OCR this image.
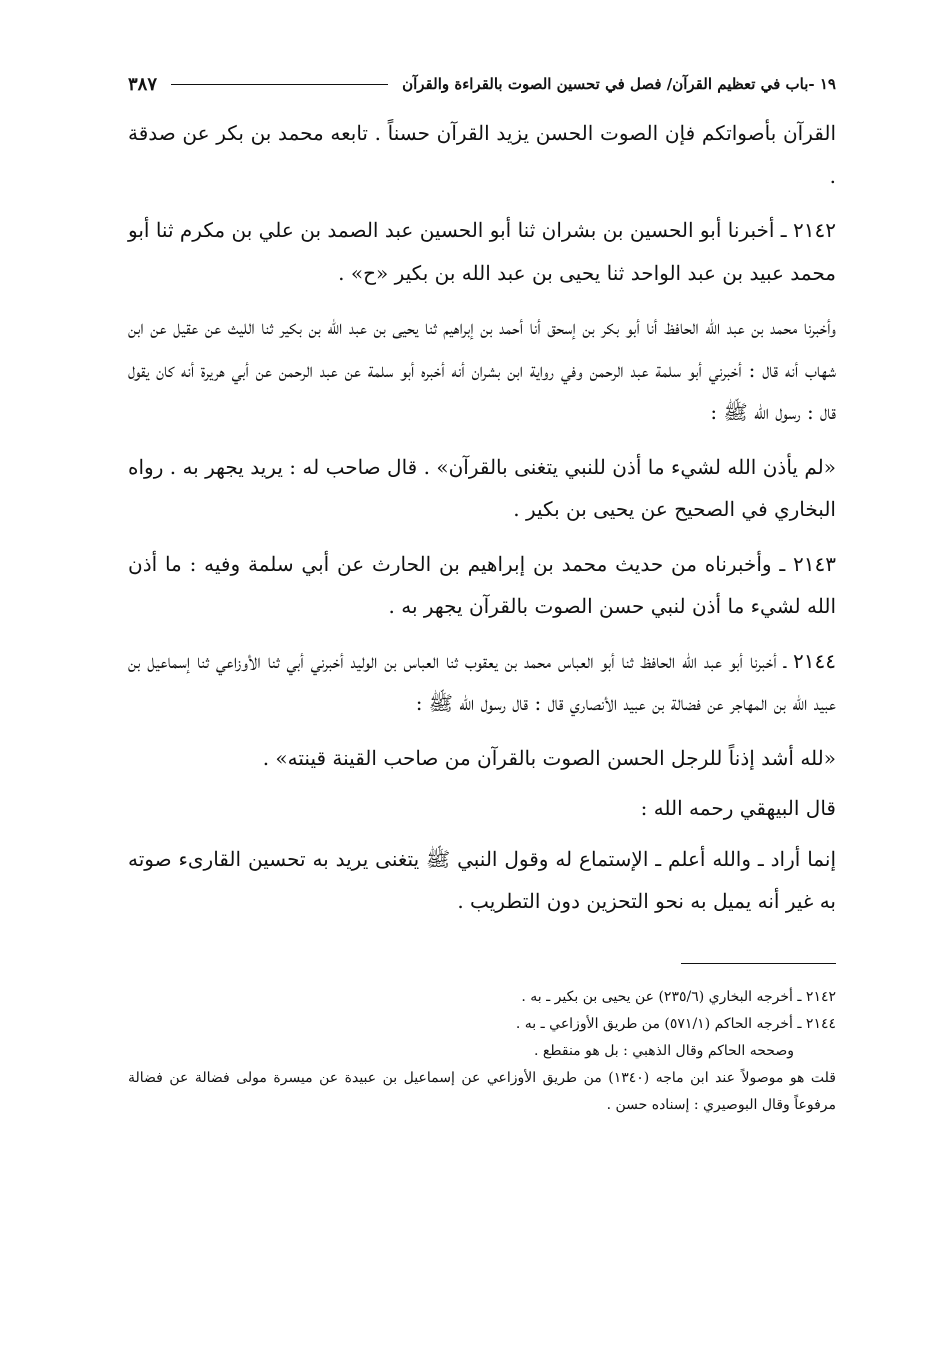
١٩ -باب في تعظيم القرآن/ فصل في تحسين الصوت بالقراءة والقرآن
٣٨٧

القرآن بأصواتكم فإن الصوت الحسن يزيد القرآن حسناً . تابعه محمد بن بكر عن صدقة .

٢١٤٢ ـ أخبرنا أبو الحسين بن بشران ثنا أبو الحسين عبد الصمد بن علي بن مكرم ثنا أبو محمد عبيد بن عبد الواحد ثنا يحيى بن عبد الله بن بكير «ح» .

وأخبرنا محمد بن عبد الله الحافظ أنا أبو بكر بن إسحق أنا أحمد بن إبراهيم ثنا يحيى بن عبد الله بن بكير ثنا الليث عن عقيل عن ابن شهاب أنه قال : أخبرني أبو سلمة عبد الرحمن وفي رواية ابن بشران أنه أخبره أبو سلمة عن عبد الرحمن عن أبي هريرة أنه كان يقول قال : رسول الله ﷺ :

«لم يأذن الله لشيء ما أذن للنبي يتغنى بالقرآن» . قال صاحب له : يريد يجهر به . رواه البخاري في الصحيح عن يحيى بن بكير .

٢١٤٣ ـ وأخبرناه من حديث محمد بن إبراهيم بن الحارث عن أبي سلمة وفيه : ما أذن الله لشيء ما أذن لنبي حسن الصوت بالقرآن يجهر به .

٢١٤٤ ـ أخبرنا أبو عبد الله الحافظ ثنا أبو العباس محمد بن يعقوب ثنا العباس بن الوليد أخبرني أبي ثنا الأوزاعي ثنا إسماعيل بن عبيد الله بن المهاجر عن فضالة بن عبيد الأنصاري قال : قال رسول الله ﷺ :

«لله أشد إذناً للرجل الحسن الصوت بالقرآن من صاحب القينة قينته» .

قال البيهقي رحمه الله :

إنما أراد ـ والله أعلم ـ الإستماع له وقول النبي ﷺ يتغنى يريد به تحسين القارىء صوته به غير أنه يميل به نحو التحزين دون التطريب .

٢١٤٢ ـ أخرجه البخاري (٢٣٥/٦) عن يحيى بن بكير ـ به .

٢١٤٤ ـ أخرجه الحاكم (٥٧١/١) من طريق الأوزاعي ـ به .

وصححه الحاكم وقال الذهبي : بل هو منقطع .

قلت هو موصولاً عند ابن ماجه (١٣٤٠) من طريق الأوزاعي عن إسماعيل بن عبيدة عن ميسرة مولى فضالة عن فضالة مرفوعاً وقال البوصيري : إسناده حسن .
